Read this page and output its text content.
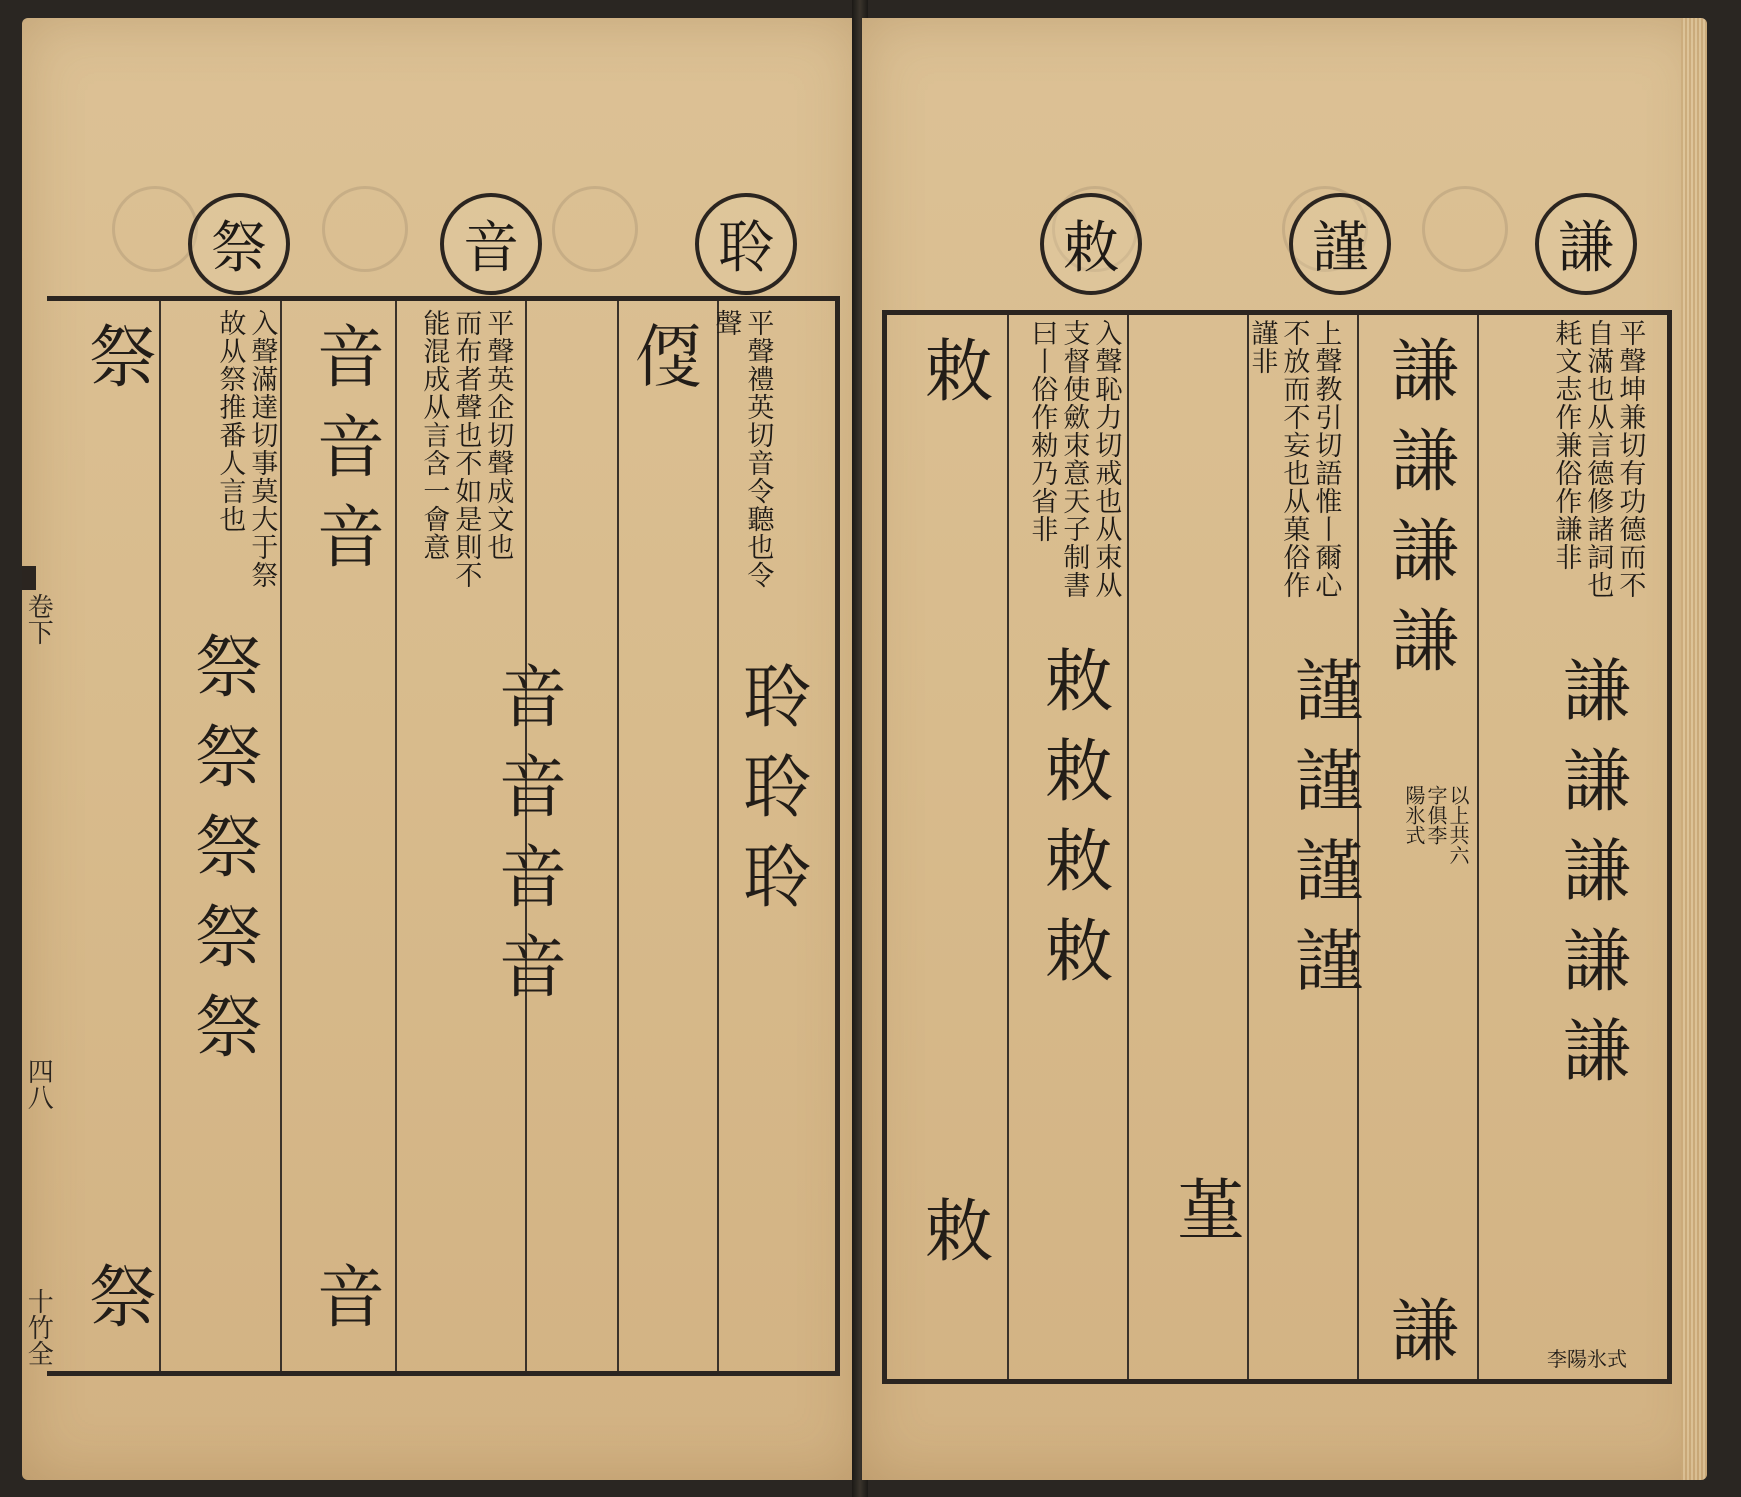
卷下
四八
十竹全
聆
音
祭
平聲禮英切音令聽也令
聲
𠊳
聆聆聆
平聲英企切聲成文也
而布者聲也不如是則不
能混成从言含一會意
音音音
音音音音
音
入聲滿達切事莫大于祭
故从祭推番人言也
祭
祭祭祭祭祭
祭
謙
謹
敕
平聲坤兼切有功德而不
自滿也从言德修諸詞也
耗文志作兼俗作謙非
謙謙謙謙
謙謙謙謙謙
謙
以上共六
字俱李
陽氷式
李陽氷式
上聲教引切語惟丨爾心
不放而不妄也从菓俗作
謹非
謹謹謹謹
堇
入聲恥力切戒也从朿从
支督使歛朿意天子制書
曰丨俗作勑乃省非
敕
敕敕敕敕
敕
